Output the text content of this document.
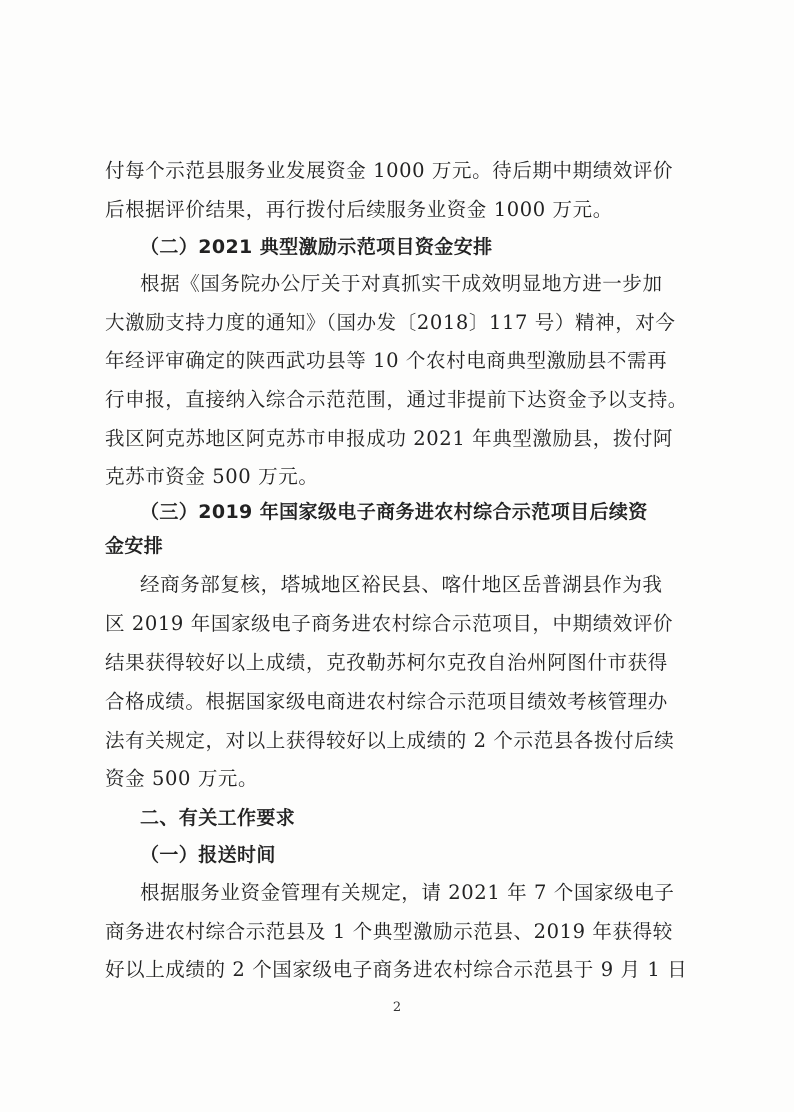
付每个示范县服务业发展资金 1000 万元。待后期中期绩效评价
后根据评价结果，再行拨付后续服务业资金 1000 万元。
（二）2021 典型激励示范项目资金安排
根据《国务院办公厅关于对真抓实干成效明显地方进一步加
大激励支持力度的通知》（国办发〔2018〕117 号）精神，对今
年经评审确定的陕西武功县等 10 个农村电商典型激励县不需再
行申报，直接纳入综合示范范围，通过非提前下达资金予以支持。
我区阿克苏地区阿克苏市申报成功 2021 年典型激励县，拨付阿
克苏市资金 500 万元。
（三）2019 年国家级电子商务进农村综合示范项目后续资
金安排
经商务部复核，塔城地区裕民县、喀什地区岳普湖县作为我
区 2019 年国家级电子商务进农村综合示范项目，中期绩效评价
结果获得较好以上成绩，克孜勒苏柯尔克孜自治州阿图什市获得
合格成绩。根据国家级电商进农村综合示范项目绩效考核管理办
法有关规定，对以上获得较好以上成绩的 2 个示范县各拨付后续
资金 500 万元。
二、有关工作要求
（一）报送时间
根据服务业资金管理有关规定，请 2021 年 7 个国家级电子
商务进农村综合示范县及 1 个典型激励示范县、2019 年获得较
好以上成绩的 2 个国家级电子商务进农村综合示范县于 9 月 1 日
2
